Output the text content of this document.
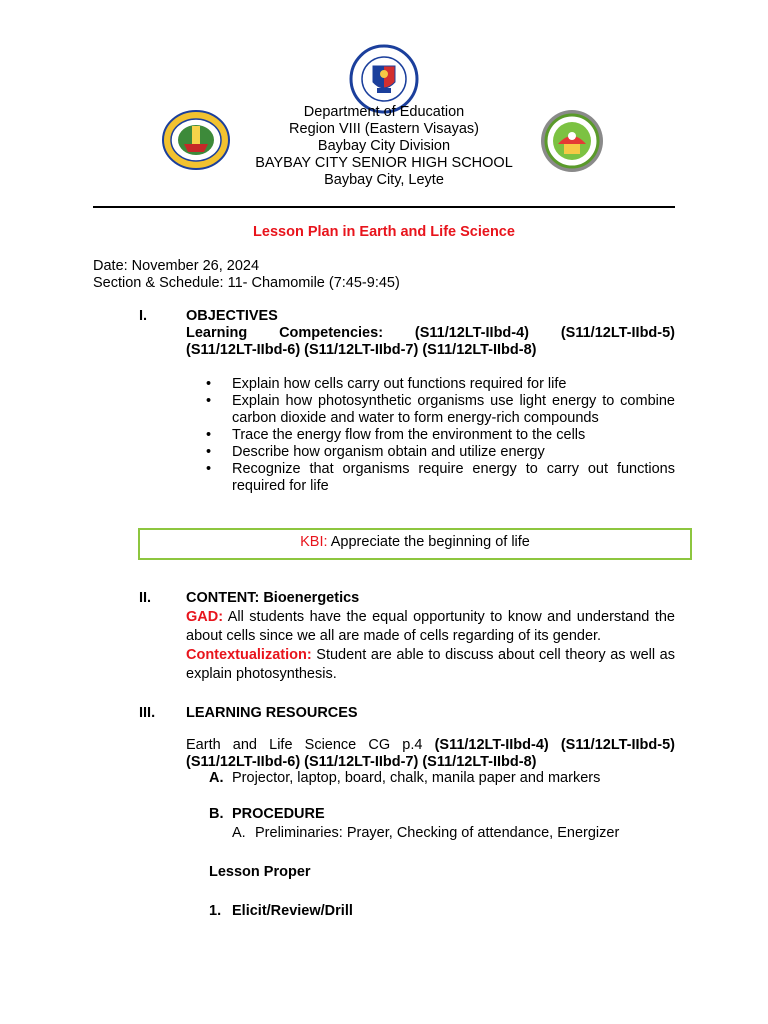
Department of Education
Region VIII (Eastern Visayas)
Baybay City Division
BAYBAY CITY SENIOR HIGH SCHOOL
Baybay City, Leyte
Lesson Plan in Earth and Life Science
Date: November 26, 2024
Section & Schedule: 11- Chamomile (7:45-9:45)
I.	OBJECTIVES
Learning Competencies: (S11/12LT-IIbd-4) (S11/12LT-IIbd-5)
(S11/12LT-IIbd-6) (S11/12LT-IIbd-7) (S11/12LT-IIbd-8)
• Explain how cells carry out functions required for life
• Explain how photosynthetic organisms use light energy to combine carbon dioxide and water to form energy-rich compounds
• Trace the energy flow from the environment to the cells
• Describe how organism obtain and utilize energy
• Recognize that organisms require energy to carry out functions required for life
KBI: Appreciate the beginning of life
II. CONTENT: Bioenergetics
GAD: All students have the equal opportunity to know and understand the about cells since we all are made of cells regarding of its gender.
Contextualization: Student are able to discuss about cell theory as well as explain photosynthesis.
III. LEARNING RESOURCES
Earth and Life Science CG p.4 (S11/12LT-IIbd-4) (S11/12LT-IIbd-5)
(S11/12LT-IIbd-6) (S11/12LT-IIbd-7) (S11/12LT-IIbd-8)
A. Projector, laptop, board, chalk, manila paper and markers
B. PROCEDURE
A. Preliminaries: Prayer, Checking of attendance, Energizer
Lesson Proper
1. Elicit/Review/Drill
